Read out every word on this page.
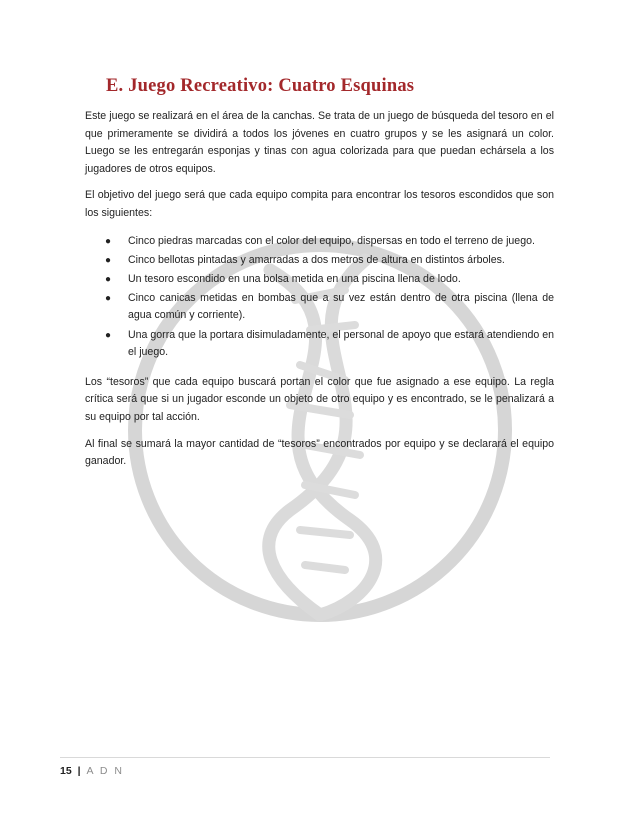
E. Juego Recreativo: Cuatro Esquinas

Este juego se realizará en el área de la canchas. Se trata de un juego de búsqueda del tesoro en el que primeramente se dividirá a todos los jóvenes en cuatro grupos y se les asignará un color. Luego se les entregarán esponjas y tinas con agua colorizada para que puedan echársela a los jugadores de otros equipos.

El objetivo del juego será que cada equipo compita para encontrar los tesoros escondidos que son los siguientes:

● Cinco piedras marcadas con el color del equipo, dispersas en todo el terreno de juego.
● Cinco bellotas pintadas y amarradas a dos metros de altura en distintos árboles.
● Un tesoro escondido en una bolsa metida en una piscina llena de lodo.
● Cinco canicas metidas en bombas que a su vez están dentro de otra piscina (llena de agua común y corriente).
● Una gorra que la portara disimuladamente, el personal de apoyo que estará atendiendo en el juego.

Los “tesoros” que cada equipo buscará portan el color que fue asignado a ese equipo. La regla crítica será que si un jugador esconde un objeto de otro equipo y es encontrado, se le penalizará a su equipo por tal acción.

Al final se sumará la mayor cantidad de “tesoros” encontrados por equipo y se declarará el equipo ganador.

15 | A D N
